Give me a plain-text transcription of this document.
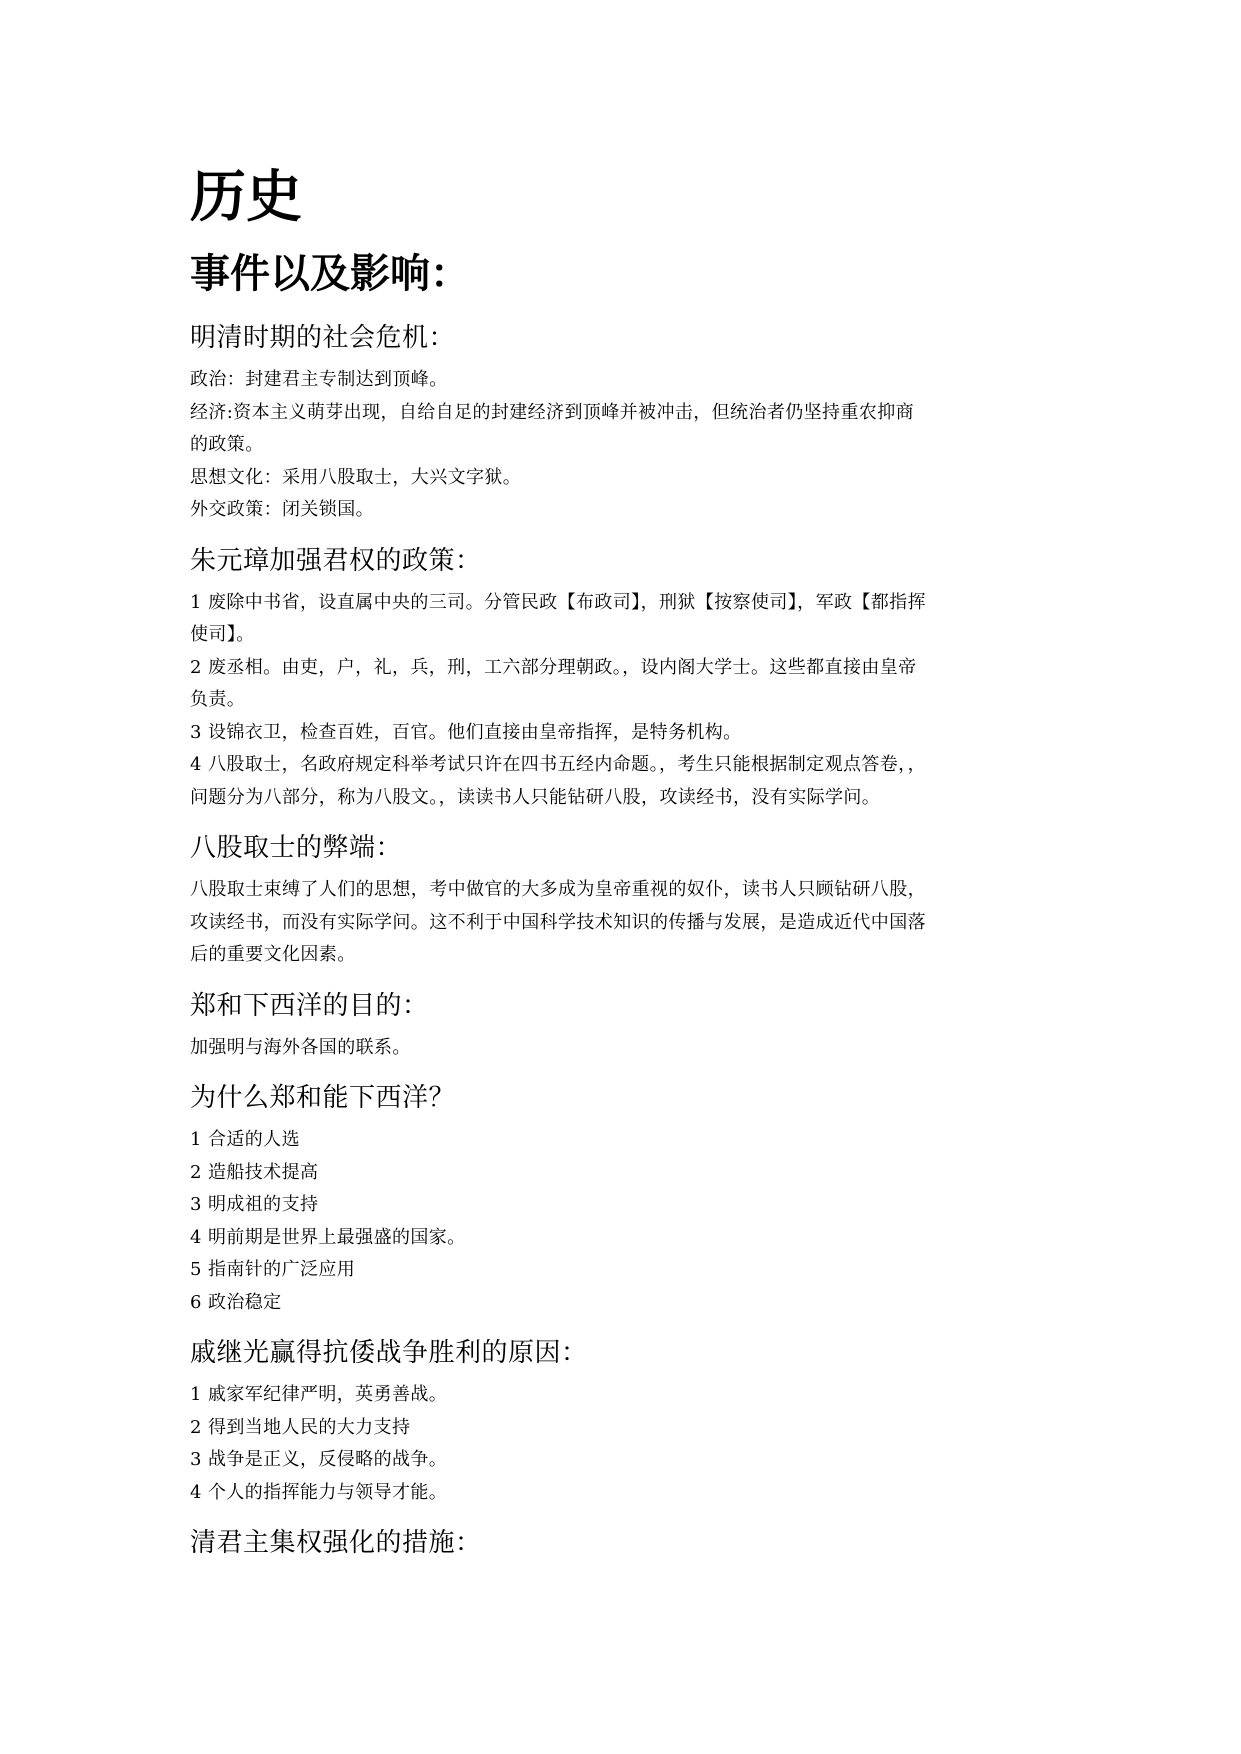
历史
事件以及影响：
明清时期的社会危机：
政治：封建君主专制达到顶峰。
经济:资本主义萌芽出现，自给自足的封建经济到顶峰并被冲击，但统治者仍坚持重农抑商
的政策。
思想文化：采用八股取士，大兴文字狱。
外交政策：闭关锁国。
朱元璋加强君权的政策：
1 废除中书省，设直属中央的三司。分管民政【布政司】，刑狱【按察使司】，军政【都指挥
使司】。
2 废丞相。由吏，户，礼，兵，刑，工六部分理朝政。，设内阁大学士。这些都直接由皇帝
负责。
3 设锦衣卫，检查百姓，百官。他们直接由皇帝指挥，是特务机构。
4 八股取士，名政府规定科举考试只许在四书五经内命题。，考生只能根据制定观点答卷，，
问题分为八部分，称为八股文。，读读书人只能钻研八股，攻读经书，没有实际学问。
八股取士的弊端：
八股取士束缚了人们的思想，考中做官的大多成为皇帝重视的奴仆，读书人只顾钻研八股，
攻读经书，而没有实际学问。这不利于中国科学技术知识的传播与发展，是造成近代中国落
后的重要文化因素。
郑和下西洋的目的：
加强明与海外各国的联系。
为什么郑和能下西洋？
1 合适的人选
2 造船技术提高
3 明成祖的支持
4 明前期是世界上最强盛的国家。
5 指南针的广泛应用
6 政治稳定
戚继光赢得抗倭战争胜利的原因：
1 戚家军纪律严明，英勇善战。
2 得到当地人民的大力支持
3 战争是正义，反侵略的战争。
4 个人的指挥能力与领导才能。
清君主集权强化的措施：
